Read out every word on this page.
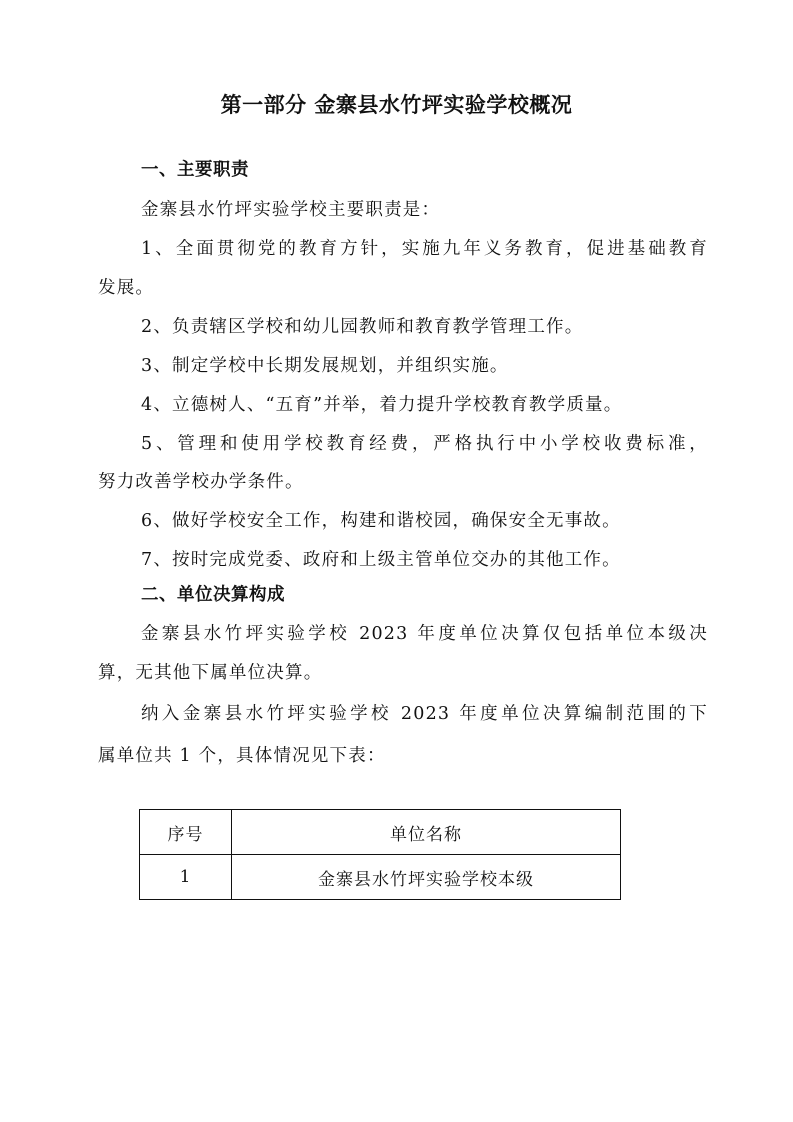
第一部分 金寨县水竹坪实验学校概况
一、主要职责
金寨县水竹坪实验学校主要职责是：
1、全面贯彻党的教育方针，实施九年义务教育，促进基础教育
发展。
2、负责辖区学校和幼儿园教师和教育教学管理工作。
3、制定学校中长期发展规划，并组织实施。
4、立德树人、“五育”并举，着力提升学校教育教学质量。
5、管理和使用学校教育经费，严格执行中小学校收费标准，
努力改善学校办学条件。
6、做好学校安全工作，构建和谐校园，确保安全无事故。
7、按时完成党委、政府和上级主管单位交办的其他工作。
二、单位决算构成
金寨县水竹坪实验学校 2023 年度单位决算仅包括单位本级决
算，无其他下属单位决算。
纳入金寨县水竹坪实验学校 2023 年度单位决算编制范围的下
属单位共 1 个，具体情况见下表：
序号	单位名称
1	金寨县水竹坪实验学校本级
